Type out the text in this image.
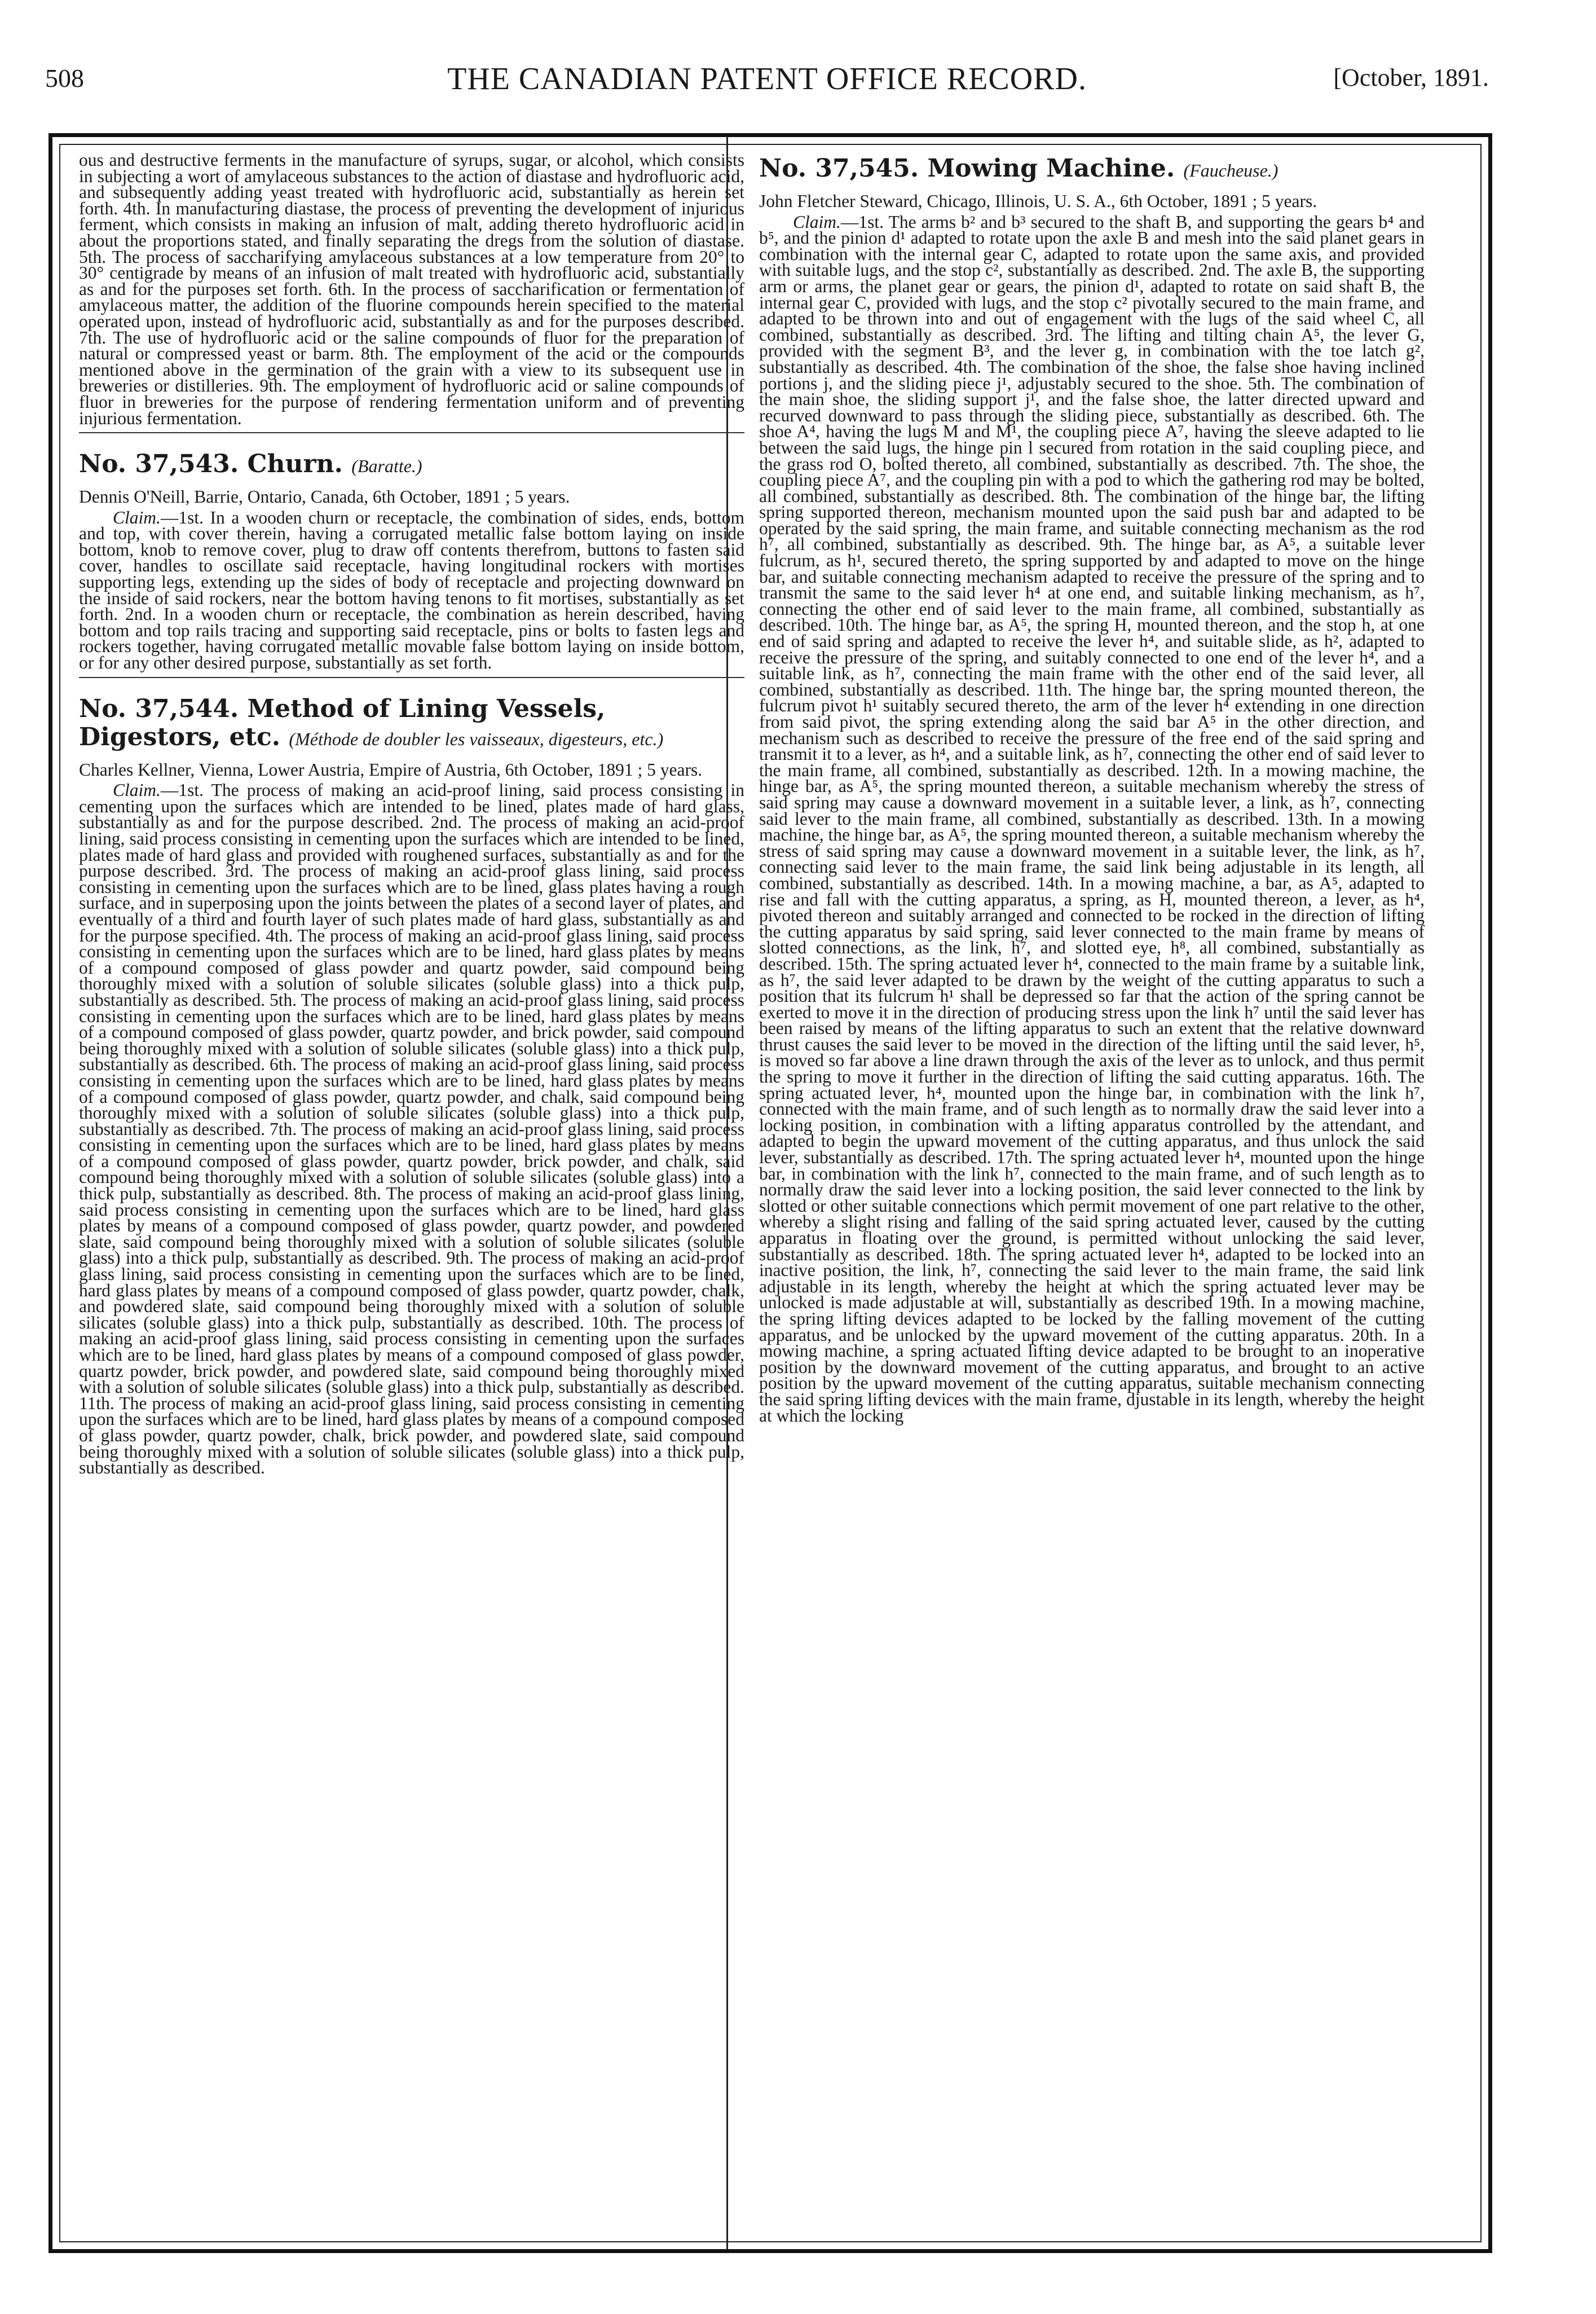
508	THE CANADIAN PATENT OFFICE RECORD.	[October, 1891.

ous and destructive ferments in the manufacture of syrups, sugar, or alcohol, which consists in subjecting a wort of amylaceous substances to the action of diastase and hydrofluoric acid, and subsequently adding yeast treated with hydrofluoric acid, substantially as herein set forth. 4th. In manufacturing diastase, the process of preventing the development of injurious ferment, which consists in making an infusion of malt, adding thereto hydrofluoric acid in about the proportions stated, and finally separating the dregs from the solution of diastase. 5th. The process of saccharifying amylaceous substances at a low temperature from 20° to 30° centigrade by means of an infusion of malt treated with hydrofluoric acid, substantially as and for the purposes set forth. 6th. In the process of saccharification or fermentation of amylaceous matter, the addition of the fluorine compounds herein specified to the material operated upon, instead of hydrofluoric acid, substantially as and for the purposes described. 7th. The use of hydrofluoric acid or the saline compounds of fluor for the preparation of natural or compressed yeast or barm. 8th. The employment of the acid or the compounds mentioned above in the germination of the grain with a view to its subsequent use in breweries or distilleries. 9th. The employment of hydrofluoric acid or saline compounds of fluor in breweries for the purpose of rendering fermentation uniform and of preventing injurious fermentation.

No. 37,543. Churn. (Baratte.)

Dennis O'Neill, Barrie, Ontario, Canada, 6th October, 1891 ; 5 years.

Claim.—1st. In a wooden churn or receptacle, the combination of sides, ends, bottom and top, with cover therein, having a corrugated metallic false bottom laying on inside bottom, knob to remove cover, plug to draw off contents therefrom, buttons to fasten said cover, handles to oscillate said receptacle, having longitudinal rockers with mortises supporting legs, extending up the sides of body of receptacle and projecting downward on the inside of said rockers, near the bottom having tenons to fit mortises, substantially as set forth. 2nd. In a wooden churn or receptacle, the combination as herein described, having bottom and top rails tracing and supporting said receptacle, pins or bolts to fasten legs and rockers together, having corrugated metallic movable false bottom laying on inside bottom, or for any other desired purpose, substantially as set forth.

No. 37,544. Method of Lining Vessels, Digestors, etc. (Méthode de doubler les vaisseaux, digesteurs, etc.)

Charles Kellner, Vienna, Lower Austria, Empire of Austria, 6th October, 1891 ; 5 years.

Claim.—1st. The process of making an acid-proof lining, said process consisting in cementing upon the surfaces which are intended to be lined, plates made of hard glass, substantially as and for the purpose described. 2nd. The process of making an acid-proof lining, said process consisting in cementing upon the surfaces which are intended to be lined, plates made of hard glass and provided with roughened surfaces, substantially as and for the purpose described. 3rd. The process of making an acid-proof glass lining, said process consisting in cementing upon the surfaces which are to be lined, glass plates having a rough surface, and in superposing upon the joints between the plates of a second layer of plates, and eventually of a third and fourth layer of such plates made of hard glass, substantially as and for the purpose specified. 4th. The process of making an acid-proof glass lining, said process consisting in cementing upon the surfaces which are to be lined, hard glass plates by means of a compound composed of glass powder and quartz powder, said compound being thoroughly mixed with a solution of soluble silicates (soluble glass) into a thick pulp, substantially as described. 5th. The process of making an acid-proof glass lining, said process consisting in cementing upon the surfaces which are to be lined, hard glass plates by means of a compound composed of glass powder, quartz powder, and brick powder, said compound being thoroughly mixed with a solution of soluble silicates (soluble glass) into a thick pulp, substantially as described. 6th. The process of making an acid-proof glass lining, said process consisting in cementing upon the surfaces which are to be lined, hard glass plates by means of a compound composed of glass powder, quartz powder, and chalk, said compound being thoroughly mixed with a solution of soluble silicates (soluble glass) into a thick pulp, substantially as described. 7th. The process of making an acid-proof glass lining, said process consisting in cementing upon the surfaces which are to be lined, hard glass plates by means of a compound composed of glass powder, quartz powder, brick powder, and chalk, said compound being thoroughly mixed with a solution of soluble silicates (soluble glass) into a thick pulp, substantially as described. 8th. The process of making an acid-proof glass lining, said process consisting in cementing upon the surfaces which are to be lined, hard glass plates by means of a compound composed of glass powder, quartz powder, and powdered slate, said compound being thoroughly mixed with a solution of soluble silicates (soluble glass) into a thick pulp, substantially as described. 9th. The process of making an acid-proof glass lining, said process consisting in cementing upon the surfaces which are to be lined, hard glass plates by means of a compound composed of glass powder, quartz powder, chalk, and powdered slate, said compound being thoroughly mixed with a solution of soluble silicates (soluble glass) into a thick pulp, substantially as described. 10th. The process of making an acid-proof glass lining, said process consisting in cementing upon the surfaces which are to be lined, hard glass plates by means of a compound composed of glass powder, quartz powder, brick powder, and powdered slate, said compound being thoroughly mixed with a solution of soluble silicates (soluble glass) into a thick pulp, substantially as described. 11th. The process of making an acid-proof glass lining, said process consisting in cementing upon the surfaces which are to be lined, hard glass plates by means of a compound composed of glass powder, quartz powder, chalk, brick powder, and powdered slate, said compound being thoroughly mixed with a solution of soluble silicates (soluble glass) into a thick pulp, substantially as described.

No. 37,545. Mowing Machine. (Faucheuse.)

John Fletcher Steward, Chicago, Illinois, U. S. A., 6th October, 1891 ; 5 years.

Claim.—1st. The arms b² and b³ secured to the shaft B, and supporting the gears b⁴ and b⁵, and the pinion d¹ adapted to rotate upon the axle B and mesh into the said planet gears in combination with the internal gear C, adapted to rotate upon the same axis, and provided with suitable lugs, and the stop c², substantially as described. 2nd. The axle B, the supporting arm or arms, the planet gear or gears, the pinion d¹, adapted to rotate on said shaft B, the internal gear C, provided with lugs, and the stop c² pivotally secured to the main frame, and adapted to be thrown into and out of engagement with the lugs of the said wheel C, all combined, substantially as described. 3rd. The lifting and tilting chain A⁵, the lever G, provided with the segment B³, and the lever g, in combination with the toe latch g², substantially as described. 4th. The combination of the shoe, the false shoe having inclined portions j, and the sliding piece j¹, adjustably secured to the shoe. 5th. The combination of the main shoe, the sliding support j¹, and the false shoe, the latter directed upward and recurved downward to pass through the sliding piece, substantially as described. 6th. The shoe A⁴, having the lugs M and M¹, the coupling piece A⁷, having the sleeve adapted to lie between the said lugs, the hinge pin l secured from rotation in the said coupling piece, and the grass rod O, bolted thereto, all combined, substantially as described. 7th. The shoe, the coupling piece A⁷, and the coupling pin with a pod to which the gathering rod may be bolted, all combined, substantially as described. 8th. The combination of the hinge bar, the lifting spring supported thereon, mechanism mounted upon the said push bar and adapted to be operated by the said spring, the main frame, and suitable connecting mechanism as the rod h⁷, all combined, substantially as described. 9th. The hinge bar, as A⁵, a suitable lever fulcrum, as h¹, secured thereto, the spring supported by and adapted to move on the hinge bar, and suitable connecting mechanism adapted to receive the pressure of the spring and to transmit the same to the said lever h⁴ at one end, and suitable linking mechanism, as h⁷, connecting the other end of said lever to the main frame, all combined, substantially as described. 10th. The hinge bar, as A⁵, the spring H, mounted thereon, and the stop h, at one end of said spring and adapted to receive the lever h⁴, and suitable slide, as h², adapted to receive the pressure of the spring, and suitably connected to one end of the lever h⁴, and a suitable link, as h⁷, connecting the main frame with the other end of the said lever, all combined, substantially as described. 11th. The hinge bar, the spring mounted thereon, the fulcrum pivot h¹ suitably secured thereto, the arm of the lever h⁴ extending in one direction from said pivot, the spring extending along the said bar A⁵ in the other direction, and mechanism such as described to receive the pressure of the free end of the said spring and transmit it to a lever, as h⁴, and a suitable link, as h⁷, connecting the other end of said lever to the main frame, all combined, substantially as described. 12th. In a mowing machine, the hinge bar, as A⁵, the spring mounted thereon, a suitable mechanism whereby the stress of said spring may cause a downward movement in a suitable lever, a link, as h⁷, connecting said lever to the main frame, all combined, substantially as described. 13th. In a mowing machine, the hinge bar, as A⁵, the spring mounted thereon, a suitable mechanism whereby the stress of said spring may cause a downward movement in a suitable lever, the link, as h⁷, connecting said lever to the main frame, the said link being adjustable in its length, all combined, substantially as described. 14th. In a mowing machine, a bar, as A⁵, adapted to rise and fall with the cutting apparatus, a spring, as H, mounted thereon, a lever, as h⁴, pivoted thereon and suitably arranged and connected to be rocked in the direction of lifting the cutting apparatus by said spring, said lever connected to the main frame by means of slotted connections, as the link, h⁷, and slotted eye, h⁸, all combined, substantially as described. 15th. The spring actuated lever h⁴, connected to the main frame by a suitable link, as h⁷, the said lever adapted to be drawn by the weight of the cutting apparatus to such a position that its fulcrum h¹ shall be depressed so far that the action of the spring cannot be exerted to move it in the direction of producing stress upon the link h⁷ until the said lever has been raised by means of the lifting apparatus to such an extent that the relative downward thrust causes the said lever to be moved in the direction of the lifting until the said lever, h⁵, is moved so far above a line drawn through the axis of the lever as to unlock, and thus permit the spring to move it further in the direction of lifting the said cutting apparatus. 16th. The spring actuated lever, h⁴, mounted upon the hinge bar, in combination with the link h⁷, connected with the main frame, and of such length as to normally draw the said lever into a locking position, in combination with a lifting apparatus controlled by the attendant, and adapted to begin the upward movement of the cutting apparatus, and thus unlock the said lever, substantially as described. 17th. The spring actuated lever h⁴, mounted upon the hinge bar, in combination with the link h⁷, connected to the main frame, and of such length as to normally draw the said lever into a locking position, the said lever connected to the link by slotted or other suitable connections which permit movement of one part relative to the other, whereby a slight rising and falling of the said spring actuated lever, caused by the cutting apparatus in floating over the ground, is permitted without unlocking the said lever, substantially as described. 18th. The spring actuated lever h⁴, adapted to be locked into an inactive position, the link, h⁷, connecting the said lever to the main frame, the said link adjustable in its length, whereby the height at which the spring actuated lever may be unlocked is made adjustable at will, substantially as described 19th. In a mowing machine, the spring lifting devices adapted to be locked by the falling movement of the cutting apparatus, and be unlocked by the upward movement of the cutting apparatus. 20th. In a mowing machine, a spring actuated lifting device adapted to be brought to an inoperative position by the downward movement of the cutting apparatus, and brought to an active position by the upward movement of the cutting apparatus, suitable mechanism connecting the said spring lifting devices with the main frame, djustable in its length, whereby the height at which the locking
